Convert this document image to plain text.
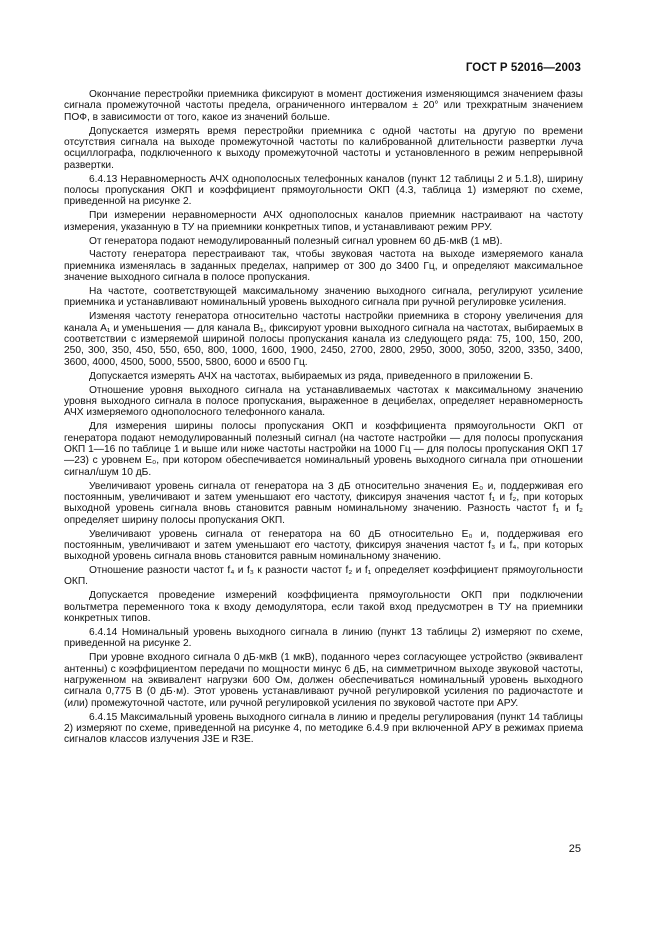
ГОСТ Р 52016—2003

Окончание перестройки приемника фиксируют в момент достижения изменяющимся значением фазы сигнала промежуточной частоты предела, ограниченного интервалом ± 20° или трехкратным значением ПОФ, в зависимости от того, какое из значений больше.

Допускается измерять время перестройки приемника с одной частоты на другую по времени отсутствия сигнала на выходе промежуточной частоты по калиброванной длительности развертки луча осциллографа, подключенного к выходу промежуточной частоты и установленного в режим непрерывной развертки.

6.4.13 Неравномерность АЧХ однополосных телефонных каналов (пункт 12 таблицы 2 и 5.1.8), ширину полосы пропускания ОКП и коэффициент прямоугольности ОКП (4.3, таблица 1) измеряют по схеме, приведенной на рисунке 2.

При измерении неравномерности АЧХ однополосных каналов приемник настраивают на частоту измерения, указанную в ТУ на приемники конкретных типов, и устанавливают режим РРУ.

От генератора подают немодулированный полезный сигнал уровнем 60 дБ·мкВ (1 мВ).

Частоту генератора перестраивают так, чтобы звуковая частота на выходе измеряемого канала приемника изменялась в заданных пределах, например от 300 до 3400 Гц, и определяют максимальное значение выходного сигнала в полосе пропускания.

На частоте, соответствующей максимальному значению выходного сигнала, регулируют усиление приемника и устанавливают номинальный уровень выходного сигнала при ручной регулировке усиления.

Изменяя частоту генератора относительно частоты настройки приемника в сторону увеличения для канала A₁ и уменьшения — для канала B₁, фиксируют уровни выходного сигнала на частотах, выбираемых в соответствии с измеряемой шириной полосы пропускания канала из следующего ряда: 75, 100, 150, 200, 250, 300, 350, 450, 550, 650, 800, 1000, 1600, 1900, 2450, 2700, 2800, 2950, 3000, 3050, 3200, 3350, 3400, 3600, 4000, 4500, 5000, 5500, 5800, 6000 и 6500 Гц.

Допускается измерять АЧХ на частотах, выбираемых из ряда, приведенного в приложении Б.

Отношение уровня выходного сигнала на устанавливаемых частотах к максимальному значению уровня выходного сигнала в полосе пропускания, выраженное в децибелах, определяет неравномерность АЧХ измеряемого однополосного телефонного канала.

Для измерения ширины полосы пропускания ОКП и коэффициента прямоугольности ОКП от генератора подают немодулированный полезный сигнал (на частоте настройки — для полосы пропускания ОКП 1—16 по таблице 1 и выше или ниже частоты настройки на 1000 Гц — для полосы пропускания ОКП 17—23) с уровнем E₀, при котором обеспечивается номинальный уровень выходного сигнала при отношении сигнал/шум 10 дБ.

Увеличивают уровень сигнала от генератора на 3 дБ относительно значения E₀ и, поддерживая его постоянным, увеличивают и затем уменьшают его частоту, фиксируя значения частот f₁ и f₂, при которых выходной уровень сигнала вновь становится равным номинальному значению. Разность частот f₁ и f₂ определяет ширину полосы пропускания ОКП.

Увеличивают уровень сигнала от генератора на 60 дБ относительно E₀ и, поддерживая его постоянным, увеличивают и затем уменьшают его частоту, фиксируя значения частот f₃ и f₄, при которых выходной уровень сигнала вновь становится равным номинальному значению.

Отношение разности частот f₄ и f₃ к разности частот f₂ и f₁ определяет коэффициент прямоугольности ОКП.

Допускается проведение измерений коэффициента прямоугольности ОКП при подключении вольтметра переменного тока к входу демодулятора, если такой вход предусмотрен в ТУ на приемники конкретных типов.

6.4.14 Номинальный уровень выходного сигнала в линию (пункт 13 таблицы 2) измеряют по схеме, приведенной на рисунке 2.

При уровне входного сигнала 0 дБ·мкВ (1 мкВ), поданного через согласующее устройство (эквивалент антенны) с коэффициентом передачи по мощности минус 6 дБ, на симметричном выходе звуковой частоты, нагруженном на эквивалент нагрузки 600 Ом, должен обеспечиваться номинальный уровень выходного сигнала 0,775 В (0 дБ·м). Этот уровень устанавливают ручной регулировкой усиления по радиочастоте и (или) промежуточной частоте, или ручной регулировкой усиления по звуковой частоте при АРУ.

6.4.15 Максимальный уровень выходного сигнала в линию и пределы регулирования (пункт 14 таблицы 2) измеряют по схеме, приведенной на рисунке 4, по методике 6.4.9 при включенной АРУ в режимах приема сигналов классов излучения J3E и R3E.

25
